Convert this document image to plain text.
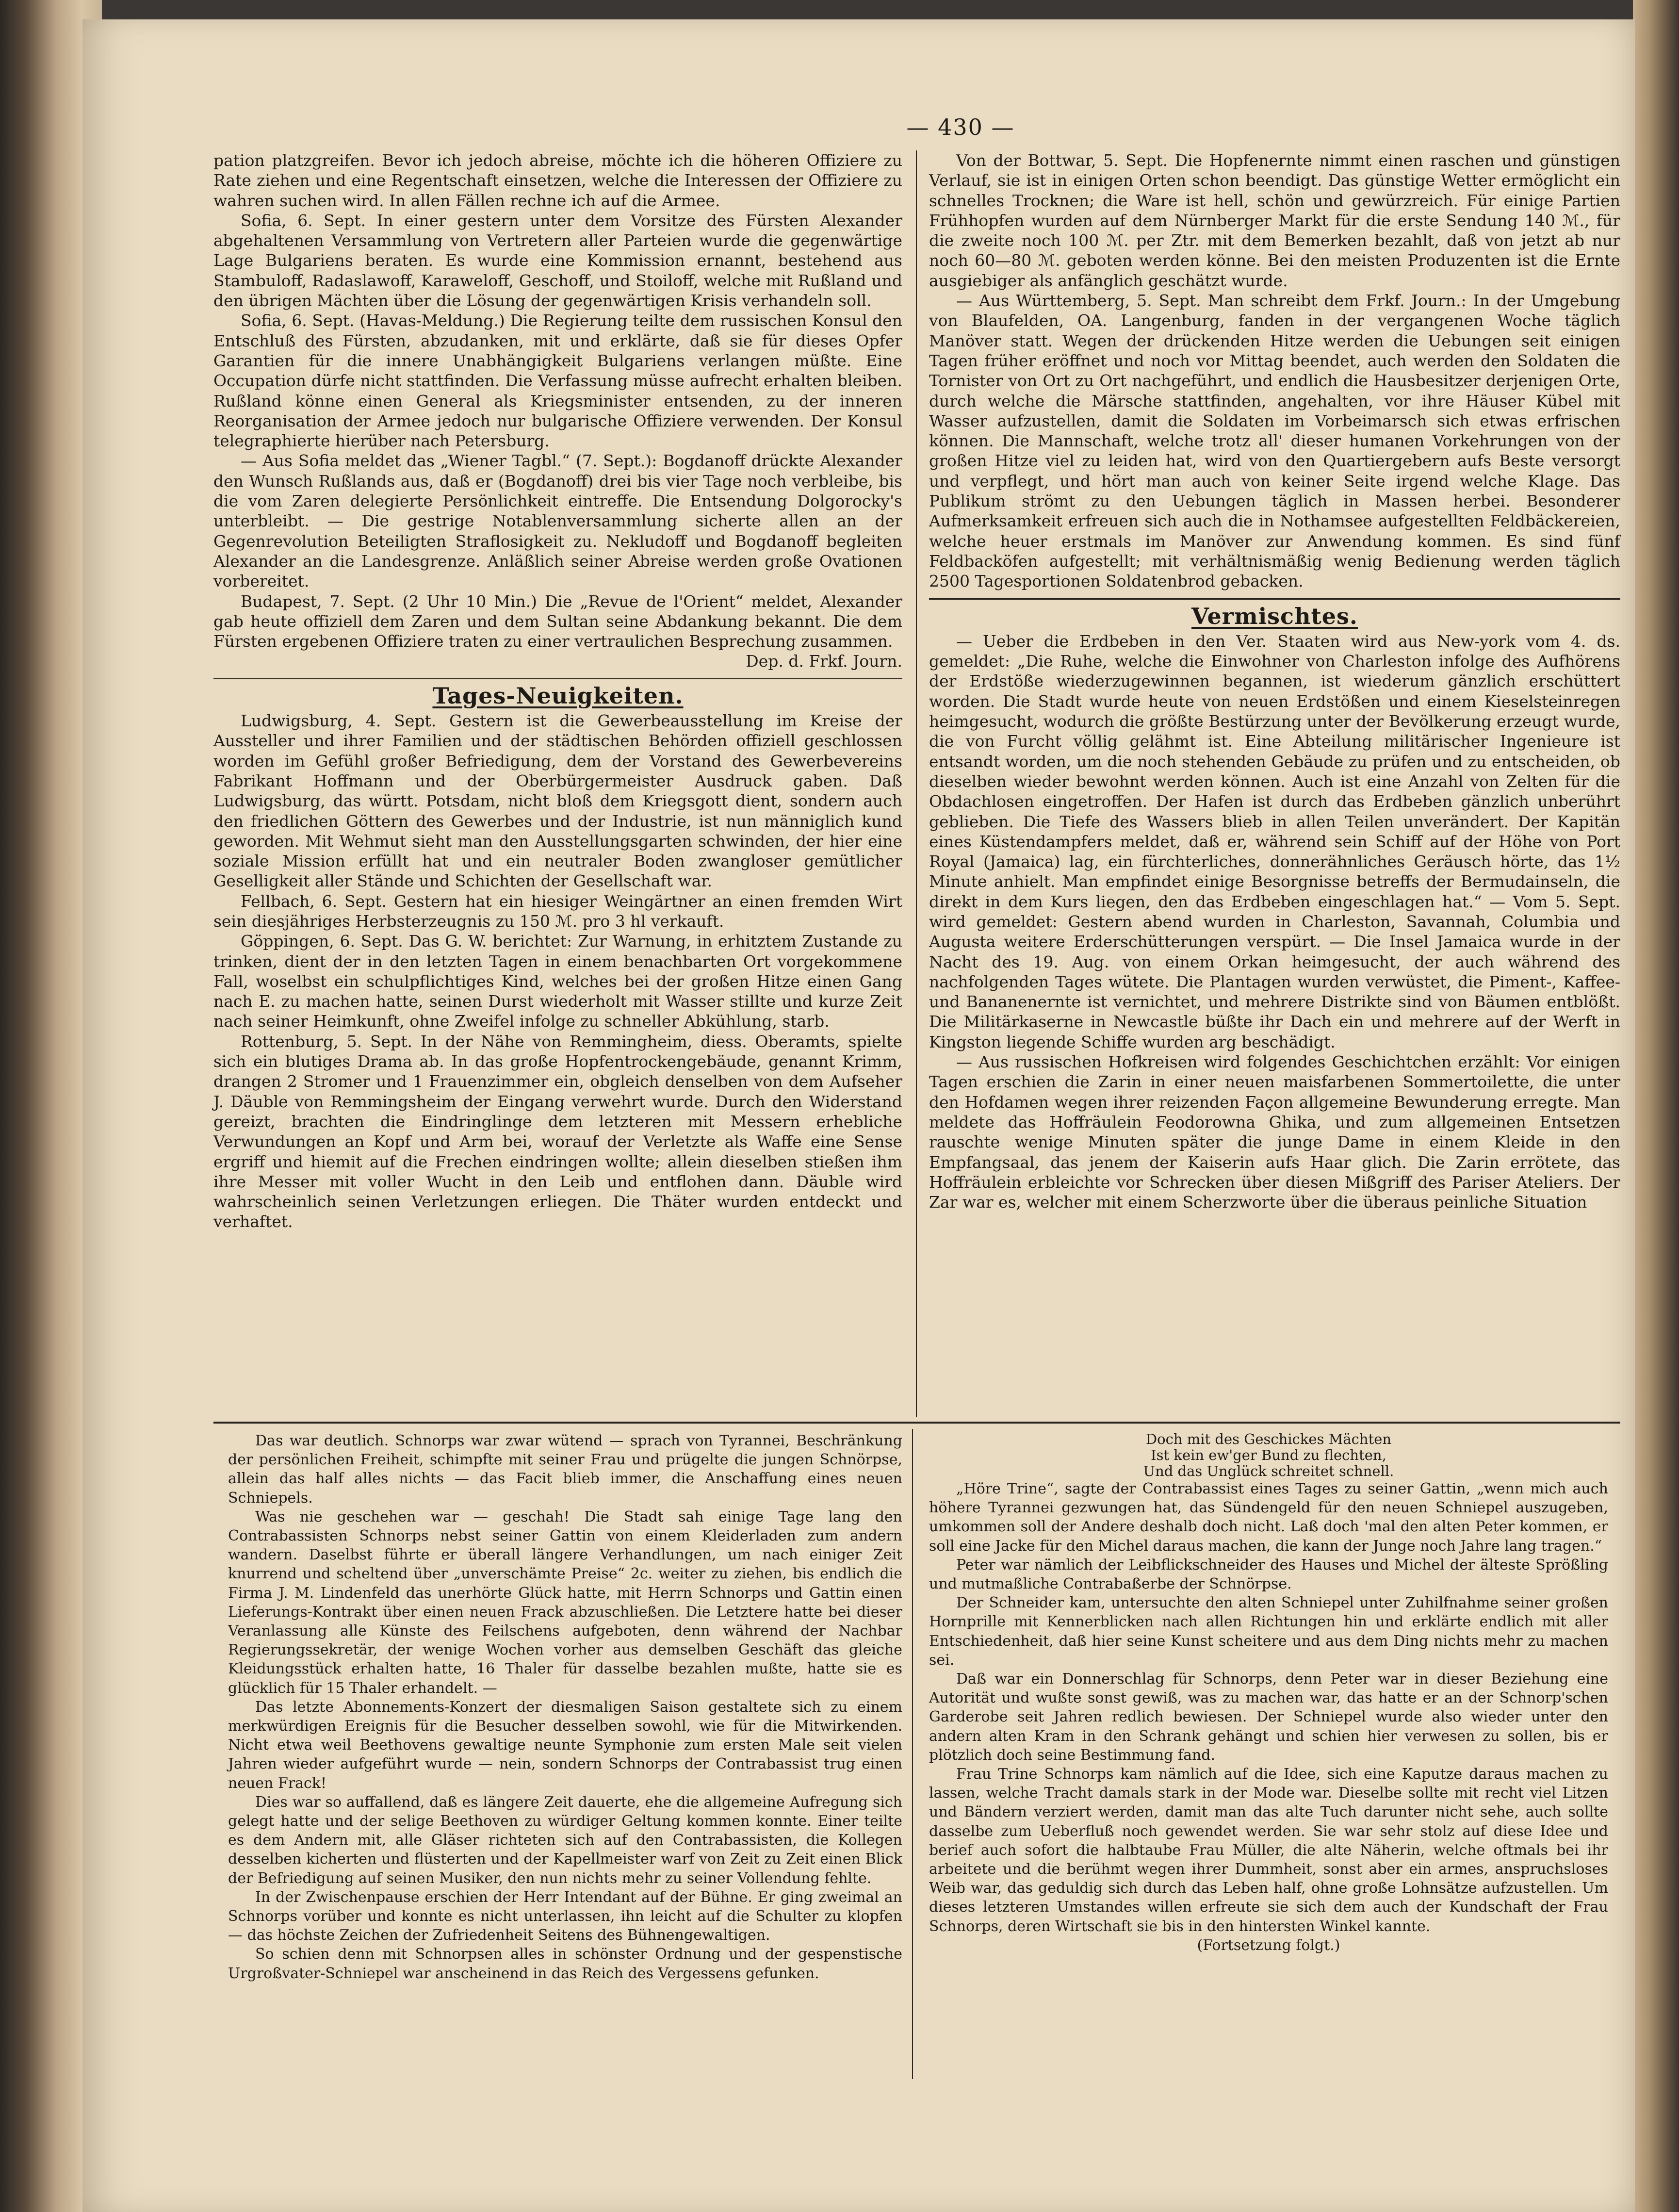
— 430 —

pation platzgreifen. Bevor ich jedoch abreise, möchte ich die höheren Offiziere zu Rate ziehen und eine Regentschaft einsetzen, welche die Interessen der Offiziere zu wahren suchen wird. In allen Fällen rechne ich auf die Armee.

Sofia, 6. Sept. In einer gestern unter dem Vorsitze des Fürsten Alexander abgehaltenen Versammlung von Vertretern aller Parteien wurde die gegenwärtige Lage Bulgariens beraten. Es wurde eine Kommission ernannt, bestehend aus Stambuloff, Radaslawoff, Karaweloff, Geschoff, und Stoiloff, welche mit Rußland und den übrigen Mächten über die Lösung der gegenwärtigen Krisis verhandeln soll.

Sofia, 6. Sept. (Havas-Meldung.) Die Regierung teilte dem russischen Konsul den Entschluß des Fürsten, abzudanken, mit und erklärte, daß sie für dieses Opfer Garantien für die innere Unabhängigkeit Bulgariens verlangen müßte. Eine Occupation dürfe nicht stattfinden. Die Verfassung müsse aufrecht erhalten bleiben. Rußland könne einen General als Kriegsminister entsenden, zu der inneren Reorganisation der Armee jedoch nur bulgarische Offiziere verwenden. Der Konsul telegraphierte hierüber nach Petersburg.

— Aus Sofia meldet das „Wiener Tagbl.“ (7. Sept.): Bogdanoff drückte Alexander den Wunsch Rußlands aus, daß er (Bogdanoff) drei bis vier Tage noch verbleibe, bis die vom Zaren delegierte Persönlichkeit eintreffe. Die Entsendung Dolgorocky's unterbleibt. — Die gestrige Notablenversammlung sicherte allen an der Gegenrevolution Beteiligten Straflosigkeit zu. Nekludoff und Bogdanoff begleiten Alexander an die Landesgrenze. Anläßlich seiner Abreise werden große Ovationen vorbereitet.

Budapest, 7. Sept. (2 Uhr 10 Min.) Die „Revue de l'Orient“ meldet, Alexander gab heute offiziell dem Zaren und dem Sultan seine Abdankung bekannt. Die dem Fürsten ergebenen Offiziere traten zu einer vertraulichen Besprechung zusammen.

Dep. d. Frkf. Journ.

Tages-Neuigkeiten.

Ludwigsburg, 4. Sept. Gestern ist die Gewerbeausstellung im Kreise der Aussteller und ihrer Familien und der städtischen Behörden offiziell geschlossen worden im Gefühl großer Befriedigung, dem der Vorstand des Gewerbevereins Fabrikant Hoffmann und der Oberbürgermeister Ausdruck gaben. Daß Ludwigsburg, das württ. Potsdam, nicht bloß dem Kriegsgott dient, sondern auch den friedlichen Göttern des Gewerbes und der Industrie, ist nun männiglich kund geworden. Mit Wehmut sieht man den Ausstellungsgarten schwinden, der hier eine soziale Mission erfüllt hat und ein neutraler Boden zwangloser gemütlicher Geselligkeit aller Stände und Schichten der Gesellschaft war.

Fellbach, 6. Sept. Gestern hat ein hiesiger Weingärtner an einen fremden Wirt sein diesjähriges Herbsterzeugnis zu 150 ℳ. pro 3 hl verkauft.

Göppingen, 6. Sept. Das G. W. berichtet: Zur Warnung, in erhitztem Zustande zu trinken, dient der in den letzten Tagen in einem benachbarten Ort vorgekommene Fall, woselbst ein schulpflichtiges Kind, welches bei der großen Hitze einen Gang nach E. zu machen hatte, seinen Durst wiederholt mit Wasser stillte und kurze Zeit nach seiner Heimkunft, ohne Zweifel infolge zu schneller Abkühlung, starb.

Rottenburg, 5. Sept. In der Nähe von Remmingheim, diess. Oberamts, spielte sich ein blutiges Drama ab. In das große Hopfentrockengebäude, genannt Krimm, drangen 2 Stromer und 1 Frauenzimmer ein, obgleich denselben von dem Aufseher J. Däuble von Remmingsheim der Eingang verwehrt wurde. Durch den Widerstand gereizt, brachten die Eindringlinge dem letzteren mit Messern erhebliche Verwundungen an Kopf und Arm bei, worauf der Verletzte als Waffe eine Sense ergriff und hiemit auf die Frechen eindringen wollte; allein dieselben stießen ihm ihre Messer mit voller Wucht in den Leib und entflohen dann. Däuble wird wahrscheinlich seinen Verletzungen erliegen. Die Thäter wurden entdeckt und verhaftet.

Von der Bottwar, 5. Sept. Die Hopfenernte nimmt einen raschen und günstigen Verlauf, sie ist in einigen Orten schon beendigt. Das günstige Wetter ermöglicht ein schnelles Trocknen; die Ware ist hell, schön und gewürzreich. Für einige Partien Frühhopfen wurden auf dem Nürnberger Markt für die erste Sendung 140 ℳ., für die zweite noch 100 ℳ. per Ztr. mit dem Bemerken bezahlt, daß von jetzt ab nur noch 60—80 ℳ. geboten werden könne. Bei den meisten Produzenten ist die Ernte ausgiebiger als anfänglich geschätzt wurde.

— Aus Württemberg, 5. Sept. Man schreibt dem Frkf. Journ.: In der Umgebung von Blaufelden, OA. Langenburg, fanden in der vergangenen Woche täglich Manöver statt. Wegen der drückenden Hitze werden die Uebungen seit einigen Tagen früher eröffnet und noch vor Mittag beendet, auch werden den Soldaten die Tornister von Ort zu Ort nachgeführt, und endlich die Hausbesitzer derjenigen Orte, durch welche die Märsche stattfinden, angehalten, vor ihre Häuser Kübel mit Wasser aufzustellen, damit die Soldaten im Vorbeimarsch sich etwas erfrischen können. Die Mannschaft, welche trotz all' dieser humanen Vorkehrungen von der großen Hitze viel zu leiden hat, wird von den Quartiergebern aufs Beste versorgt und verpflegt, und hört man auch von keiner Seite irgend welche Klage. Das Publikum strömt zu den Uebungen täglich in Massen herbei. Besonderer Aufmerksamkeit erfreuen sich auch die in Nothamsee aufgestellten Feldbäckereien, welche heuer erstmals im Manöver zur Anwendung kommen. Es sind fünf Feldbacköfen aufgestellt; mit verhältnismäßig wenig Bedienung werden täglich 2500 Tagesportionen Soldatenbrod gebacken.

Vermischtes.

— Ueber die Erdbeben in den Ver. Staaten wird aus New-york vom 4. ds. gemeldet: „Die Ruhe, welche die Einwohner von Charleston infolge des Aufhörens der Erdstöße wiederzugewinnen begannen, ist wiederum gänzlich erschüttert worden. Die Stadt wurde heute von neuen Erdstößen und einem Kieselsteinregen heimgesucht, wodurch die größte Bestürzung unter der Bevölkerung erzeugt wurde, die von Furcht völlig gelähmt ist. Eine Abteilung militärischer Ingenieure ist entsandt worden, um die noch stehenden Gebäude zu prüfen und zu entscheiden, ob dieselben wieder bewohnt werden können. Auch ist eine Anzahl von Zelten für die Obdachlosen eingetroffen. Der Hafen ist durch das Erdbeben gänzlich unberührt geblieben. Die Tiefe des Wassers blieb in allen Teilen unverändert. Der Kapitän eines Küstendampfers meldet, daß er, während sein Schiff auf der Höhe von Port Royal (Jamaica) lag, ein fürchterliches, donnerähnliches Geräusch hörte, das 1½ Minute anhielt. Man empfindet einige Besorgnisse betreffs der Bermudainseln, die direkt in dem Kurs liegen, den das Erdbeben eingeschlagen hat.“ — Vom 5. Sept. wird gemeldet: Gestern abend wurden in Charleston, Savannah, Columbia und Augusta weitere Erderschütterungen verspürt. — Die Insel Jamaica wurde in der Nacht des 19. Aug. von einem Orkan heimgesucht, der auch während des nachfolgenden Tages wütete. Die Plantagen wurden verwüstet, die Piment-, Kaffee- und Bananenernte ist vernichtet, und mehrere Distrikte sind von Bäumen entblößt. Die Militärkaserne in Newcastle büßte ihr Dach ein und mehrere auf der Werft in Kingston liegende Schiffe wurden arg beschädigt.

— Aus russischen Hofkreisen wird folgendes Geschichtchen erzählt: Vor einigen Tagen erschien die Zarin in einer neuen maisfarbenen Sommertoilette, die unter den Hofdamen wegen ihrer reizenden Façon allgemeine Bewunderung erregte. Man meldete das Hoffräulein Feodorowna Ghika, und zum allgemeinen Entsetzen rauschte wenige Minuten später die junge Dame in einem Kleide in den Empfangsaal, das jenem der Kaiserin aufs Haar glich. Die Zarin errötete, das Hoffräulein erbleichte vor Schrecken über diesen Mißgriff des Pariser Ateliers. Der Zar war es, welcher mit einem Scherzworte über die überaus peinliche Situation

Das war deutlich. Schnorps war zwar wütend — sprach von Tyrannei, Beschränkung der persönlichen Freiheit, schimpfte mit seiner Frau und prügelte die jungen Schnörpse, allein das half alles nichts — das Facit blieb immer, die Anschaffung eines neuen Schniepels.

Was nie geschehen war — geschah! Die Stadt sah einige Tage lang den Contrabassisten Schnorps nebst seiner Gattin von einem Kleiderladen zum andern wandern. Daselbst führte er überall längere Verhandlungen, um nach einiger Zeit knurrend und scheltend über „unverschämte Preise“ 2c. weiter zu ziehen, bis endlich die Firma J. M. Lindenfeld das unerhörte Glück hatte, mit Herrn Schnorps und Gattin einen Lieferungs-Kontrakt über einen neuen Frack abzuschließen. Die Letztere hatte bei dieser Veranlassung alle Künste des Feilschens aufgeboten, denn während der Nachbar Regierungssekretär, der wenige Wochen vorher aus demselben Geschäft das gleiche Kleidungsstück erhalten hatte, 16 Thaler für dasselbe bezahlen mußte, hatte sie es glücklich für 15 Thaler erhandelt. —

Das letzte Abonnements-Konzert der diesmaligen Saison gestaltete sich zu einem merkwürdigen Ereignis für die Besucher desselben sowohl, wie für die Mitwirkenden. Nicht etwa weil Beethovens gewaltige neunte Symphonie zum ersten Male seit vielen Jahren wieder aufgeführt wurde — nein, sondern Schnorps der Contrabassist trug einen neuen Frack!

Dies war so auffallend, daß es längere Zeit dauerte, ehe die allgemeine Aufregung sich gelegt hatte und der selige Beethoven zu würdiger Geltung kommen konnte. Einer teilte es dem Andern mit, alle Gläser richteten sich auf den Contrabassisten, die Kollegen desselben kicherten und flüsterten und der Kapellmeister warf von Zeit zu Zeit einen Blick der Befriedigung auf seinen Musiker, den nun nichts mehr zu seiner Vollendung fehlte.

In der Zwischenpause erschien der Herr Intendant auf der Bühne. Er ging zweimal an Schnorps vorüber und konnte es nicht unterlassen, ihn leicht auf die Schulter zu klopfen — das höchste Zeichen der Zufriedenheit Seitens des Bühnengewaltigen.

So schien denn mit Schnorpsen alles in schönster Ordnung und der gespenstische Urgroßvater-Schniepel war anscheinend in das Reich des Vergessens gefunken.

Doch mit des Geschickes Mächten

Ist kein ew'ger Bund zu flechten,

Und das Unglück schreitet schnell.

„Höre Trine“, sagte der Contrabassist eines Tages zu seiner Gattin, „wenn mich auch höhere Tyrannei gezwungen hat, das Sündengeld für den neuen Schniepel auszugeben, umkommen soll der Andere deshalb doch nicht. Laß doch 'mal den alten Peter kommen, er soll eine Jacke für den Michel daraus machen, die kann der Junge noch Jahre lang tragen.“

Peter war nämlich der Leibflickschneider des Hauses und Michel der älteste Sprößling und mutmaßliche Contrabaßerbe der Schnörpse.

Der Schneider kam, untersuchte den alten Schniepel unter Zuhilfnahme seiner großen Hornprille mit Kennerblicken nach allen Richtungen hin und erklärte endlich mit aller Entschiedenheit, daß hier seine Kunst scheitere und aus dem Ding nichts mehr zu machen sei.

Daß war ein Donnerschlag für Schnorps, denn Peter war in dieser Beziehung eine Autorität und wußte sonst gewiß, was zu machen war, das hatte er an der Schnorp'schen Garderobe seit Jahren redlich bewiesen. Der Schniepel wurde also wieder unter den andern alten Kram in den Schrank gehängt und schien hier verwesen zu sollen, bis er plötzlich doch seine Bestimmung fand.

Frau Trine Schnorps kam nämlich auf die Idee, sich eine Kaputze daraus machen zu lassen, welche Tracht damals stark in der Mode war. Dieselbe sollte mit recht viel Litzen und Bändern verziert werden, damit man das alte Tuch darunter nicht sehe, auch sollte dasselbe zum Ueberfluß noch gewendet werden. Sie war sehr stolz auf diese Idee und berief auch sofort die halbtaube Frau Müller, die alte Näherin, welche oftmals bei ihr arbeitete und die berühmt wegen ihrer Dummheit, sonst aber ein armes, anspruchsloses Weib war, das geduldig sich durch das Leben half, ohne große Lohnsätze aufzustellen. Um dieses letzteren Umstandes willen erfreute sie sich dem auch der Kundschaft der Frau Schnorps, deren Wirtschaft sie bis in den hintersten Winkel kannte.

(Fortsetzung folgt.)
